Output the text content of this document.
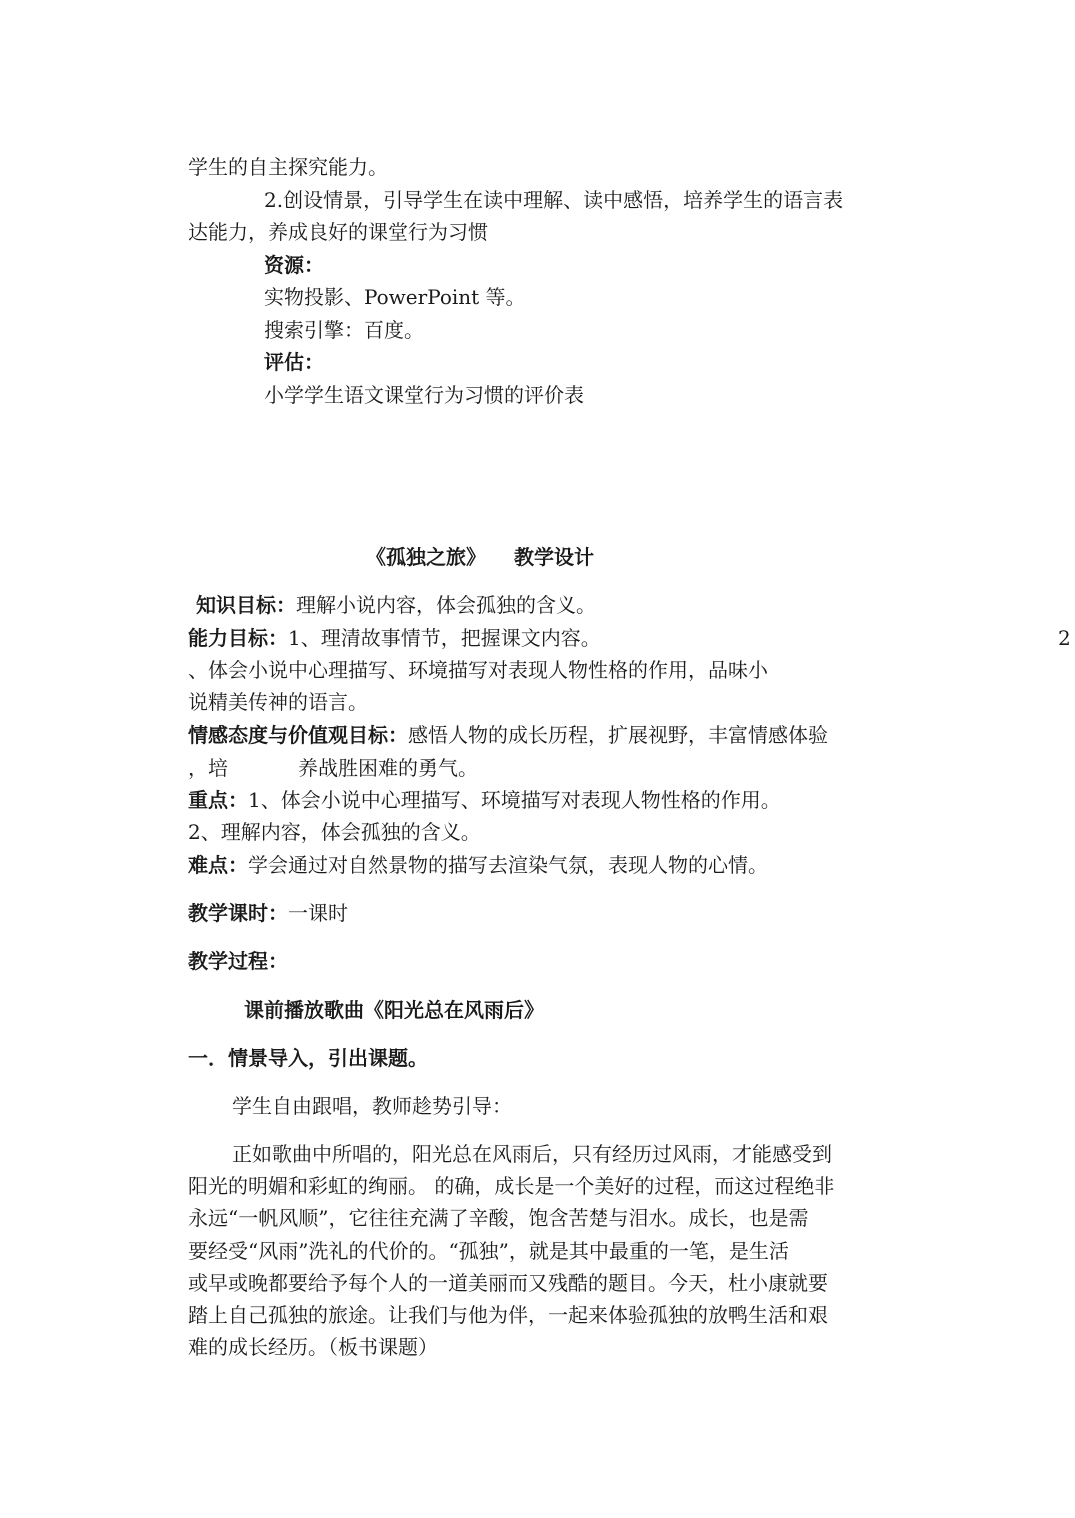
学生的自主探究能力。
2.创设情景，引导学生在读中理解、读中感悟，培养学生的语言表
达能力，养成良好的课堂行为习惯
资源：
实物投影、PowerPoint 等。
搜索引擎：百度。
评估：
小学学生语文课堂行为习惯的评价表
《孤独之旅》 教学设计
知识目标：理解小说内容，体会孤独的含义。
能力目标：1、理清故事情节，把握课文内容。	2
、体会小说中心理描写、环境描写对表现人物性格的作用，品味小
说精美传神的语言。
情感态度与价值观目标：感悟人物的成长历程，扩展视野，丰富情感体验
，培	养战胜困难的勇气。
重点：1、体会小说中心理描写、环境描写对表现人物性格的作用。
2、理解内容，体会孤独的含义。
难点：学会通过对自然景物的描写去渲染气氛，表现人物的心情。
教学课时：一课时
教学过程：
课前播放歌曲《阳光总在风雨后》
一．情景导入，引出课题。
学生自由跟唱，教师趁势引导：
正如歌曲中所唱的，阳光总在风雨后，只有经历过风雨，才能感受到
阳光的明媚和彩虹的绚丽。 的确，成长是一个美好的过程，而这过程绝非
永远“一帆风顺”，它往往充满了辛酸，饱含苦楚与泪水。成长，也是需
要经受“风雨”洗礼的代价的。“孤独”，就是其中最重的一笔，是生活
或早或晚都要给予每个人的一道美丽而又残酷的题目。今天，杜小康就要
踏上自己孤独的旅途。让我们与他为伴，一起来体验孤独的放鸭生活和艰
难的成长经历。（板书课题）
